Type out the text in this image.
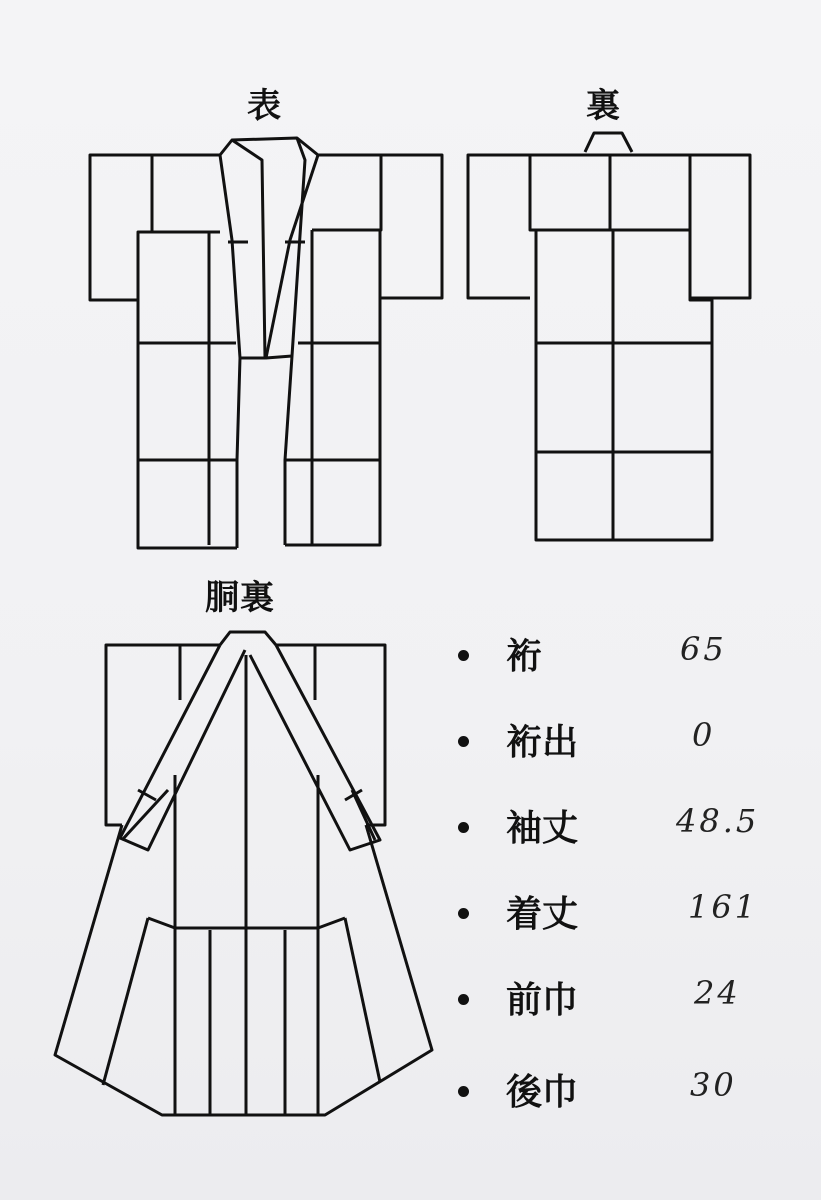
表	裏
胴裏
裄	65
裄出	0
袖丈	48.5
着丈	161
前巾	24
後巾	30
